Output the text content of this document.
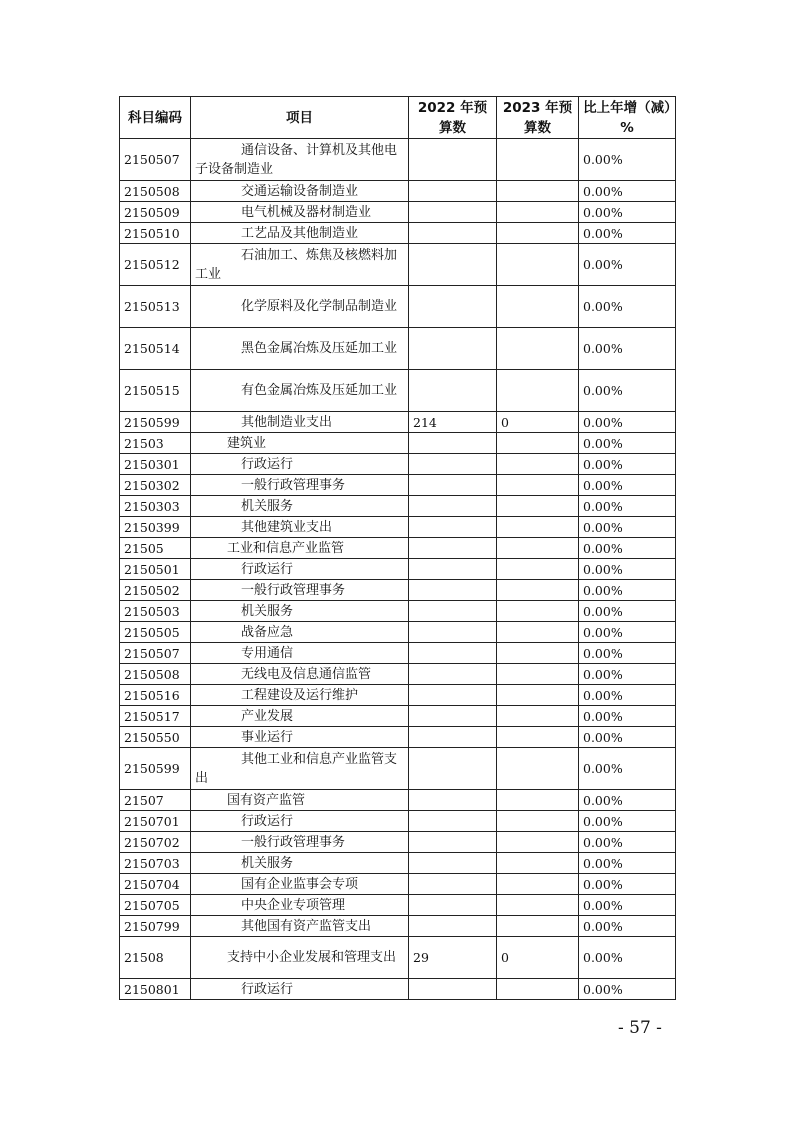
科目编码	项目	2022 年预算数	2023 年预算数	比上年增（减）%
2150507	通信设备、计算机及其他电子设备制造业			0.00%
2150508	交通运输设备制造业			0.00%
2150509	电气机械及器材制造业			0.00%
2150510	工艺品及其他制造业			0.00%
2150512	石油加工、炼焦及核燃料加工业			0.00%
2150513	化学原料及化学制品制造业			0.00%
2150514	黑色金属冶炼及压延加工业			0.00%
2150515	有色金属冶炼及压延加工业			0.00%
2150599	其他制造业支出	214	0	0.00%
21503	建筑业			0.00%
2150301	行政运行			0.00%
2150302	一般行政管理事务			0.00%
2150303	机关服务			0.00%
2150399	其他建筑业支出			0.00%
21505	工业和信息产业监管			0.00%
2150501	行政运行			0.00%
2150502	一般行政管理事务			0.00%
2150503	机关服务			0.00%
2150505	战备应急			0.00%
2150507	专用通信			0.00%
2150508	无线电及信息通信监管			0.00%
2150516	工程建设及运行维护			0.00%
2150517	产业发展			0.00%
2150550	事业运行			0.00%
2150599	其他工业和信息产业监管支出			0.00%
21507	国有资产监管			0.00%
2150701	行政运行			0.00%
2150702	一般行政管理事务			0.00%
2150703	机关服务			0.00%
2150704	国有企业监事会专项			0.00%
2150705	中央企业专项管理			0.00%
2150799	其他国有资产监管支出			0.00%
21508	支持中小企业发展和管理支出	29	0	0.00%
2150801	行政运行			0.00%
- 57 -
